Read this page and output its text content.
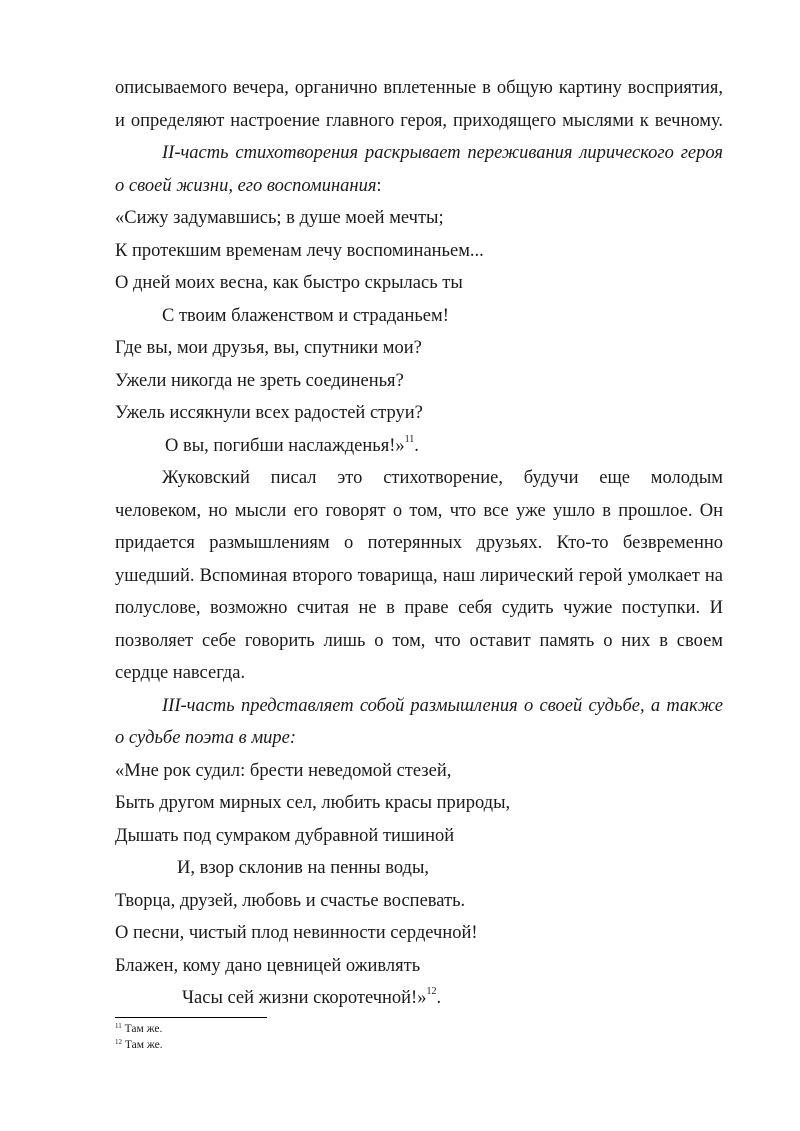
описываемого вечера, органично вплетенные в общую картину восприятия,
и определяют настроение главного героя, приходящего мыслями к вечному.
II-часть стихотворения раскрывает переживания лирического героя
о своей жизни, его воспоминания:
«Сижу задумавшись; в душе моей мечты;
К протекшим временам лечу воспоминаньем...
О дней моих весна, как быстро скрылась ты
С твоим блаженством и страданьем!
Где вы, мои друзья, вы, спутники мои?
Ужели никогда не зреть соединенья?
Ужель иссякнули всех радостей струи?
О вы, погибши наслажденья!»$^{11}$.
Жуковский писал это стихотворение, будучи еще молодым
человеком, но мысли его говорят о том, что все уже ушло в прошлое. Он
придается размышлениям о потерянных друзьях. Кто-то безвременно
ушедший. Вспоминая второго товарища, наш лирический герой умолкает на
полуслове, возможно считая не в праве себя судить чужие поступки. И
позволяет себе говорить лишь о том, что оставит память о них в своем
сердце навсегда.
III-часть представляет собой размышления о своей судьбе, а также
о судьбе поэта в мире:
«Мне рок судил: брести неведомой стезей,
Быть другом мирных сел, любить красы природы,
Дышать под сумраком дубравной тишиной
И, взор склонив на пенны воды,
Творца, друзей, любовь и счастье воспевать.
О песни, чистый плод невинности сердечной!
Блажен, кому дано цевницей оживлять
Часы сей жизни скоротечной!»$^{12}$.
$^{11}$ Там же.
$^{12}$ Там же.
